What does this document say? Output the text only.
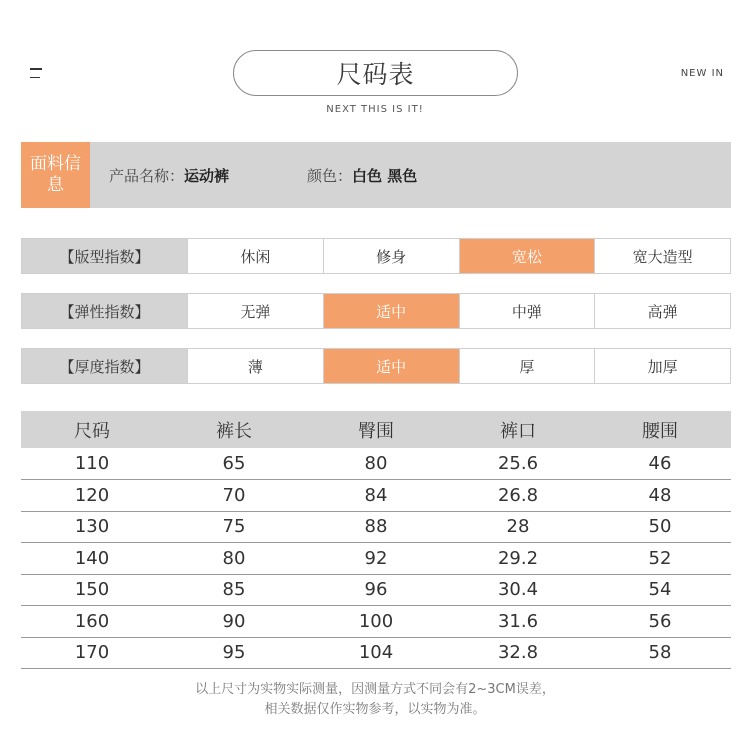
尺码表
NEXT THIS IS IT!
NEW IN
面料信息	产品名称：运动裤	颜色：白色 黑色
【版型指数】	休闲	修身	宽松	宽大造型
【弹性指数】	无弹	适中	中弹	高弹
【厚度指数】	薄	适中	厚	加厚
尺码	裤长	臀围	裤口	腰围
110	65	80	25.6	46
120	70	84	26.8	48
130	75	88	28	50
140	80	92	29.2	52
150	85	96	30.4	54
160	90	100	31.6	56
170	95	104	32.8	58
以上尺寸为实物实际测量，因测量方式不同会有2~3CM误差，
相关数据仅作实物参考，以实物为准。
